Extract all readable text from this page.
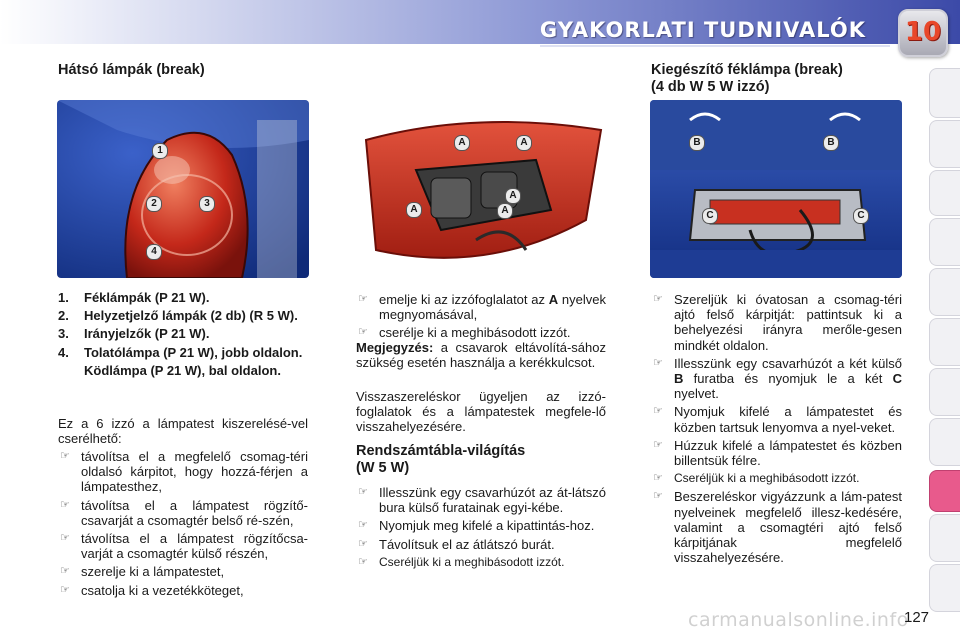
GYAKORLATI TUDNIVALÓK 10
Hátsó lámpák (break)
1
2	3
4
1. Féklámpák (P 21 W).
2. Helyzetjelző lámpák (2 db) (R 5 W).
3. Irányjelzők (P 21 W).
4. Tolatólámpa (P 21 W), jobb oldalon.
Ködlámpa (P 21 W), bal oldalon.
Ez a 6 izzó a lámpatest kiszerelésé-vel cserélhető:
☞ távolítsa el a megfelelő csomag-téri oldalsó kárpitot, hogy hozzá-férjen a lámpatesthez,
☞ távolítsa el a lámpatest rögzítő-csavarját a csomagtér belső ré-szén,
☞ távolítsa el a lámpatest rögzítőcsa-varját a csomagtér külső részén,
☞ szerelje ki a lámpatestet,
☞ csatolja ki a vezetékköteget,
A	A
A
A	A
☞ emelje ki az izzófoglalatot az A nyelvek megnyomásával,
☞ cserélje ki a meghibásodott izzót.
Megjegyzés: a csavarok eltávolítá-sához szükség esetén használja a kerékkulcsot.
Visszaszereléskor ügyeljen az izzó-foglalatok és a lámpatestek megfele-lő visszahelyezésére.
Rendszámtábla-világítás
(W 5 W)
☞ Illesszünk egy csavarhúzót az át-látszó bura külső furatainak egyi-kébe.
☞ Nyomjuk meg kifelé a kipattintás-hoz.
☞ Távolítsuk el az átlátszó burát.
☞ Cseréljük ki a meghibásodott izzót.
Kiegészítő féklámpa (break)
(4 db W 5 W izzó)
B	B
C	C
☞ Szereljük ki óvatosan a csomag-téri ajtó felső kárpitját: pattintsuk ki a behelyezési irányra merőle-gesen mindkét oldalon.
☞ Illesszünk egy csavarhúzót a két külső B furatba és nyomjuk le a két C nyelvet.
☞ Nyomjuk kifelé a lámpatestet és közben tartsuk lenyomva a nyel-veket.
☞ Húzzuk kifelé a lámpatestet és közben billentsük félre.
☞ Cseréljük ki a meghibásodott izzót.
☞ Beszereléskor vigyázzunk a lám-patest nyelveinek megfelelő illesz-kedésére, valamint a csomagtéri ajtó felső kárpitjának megfelelő visszahelyezésére.
carmanualsonline.info
127
